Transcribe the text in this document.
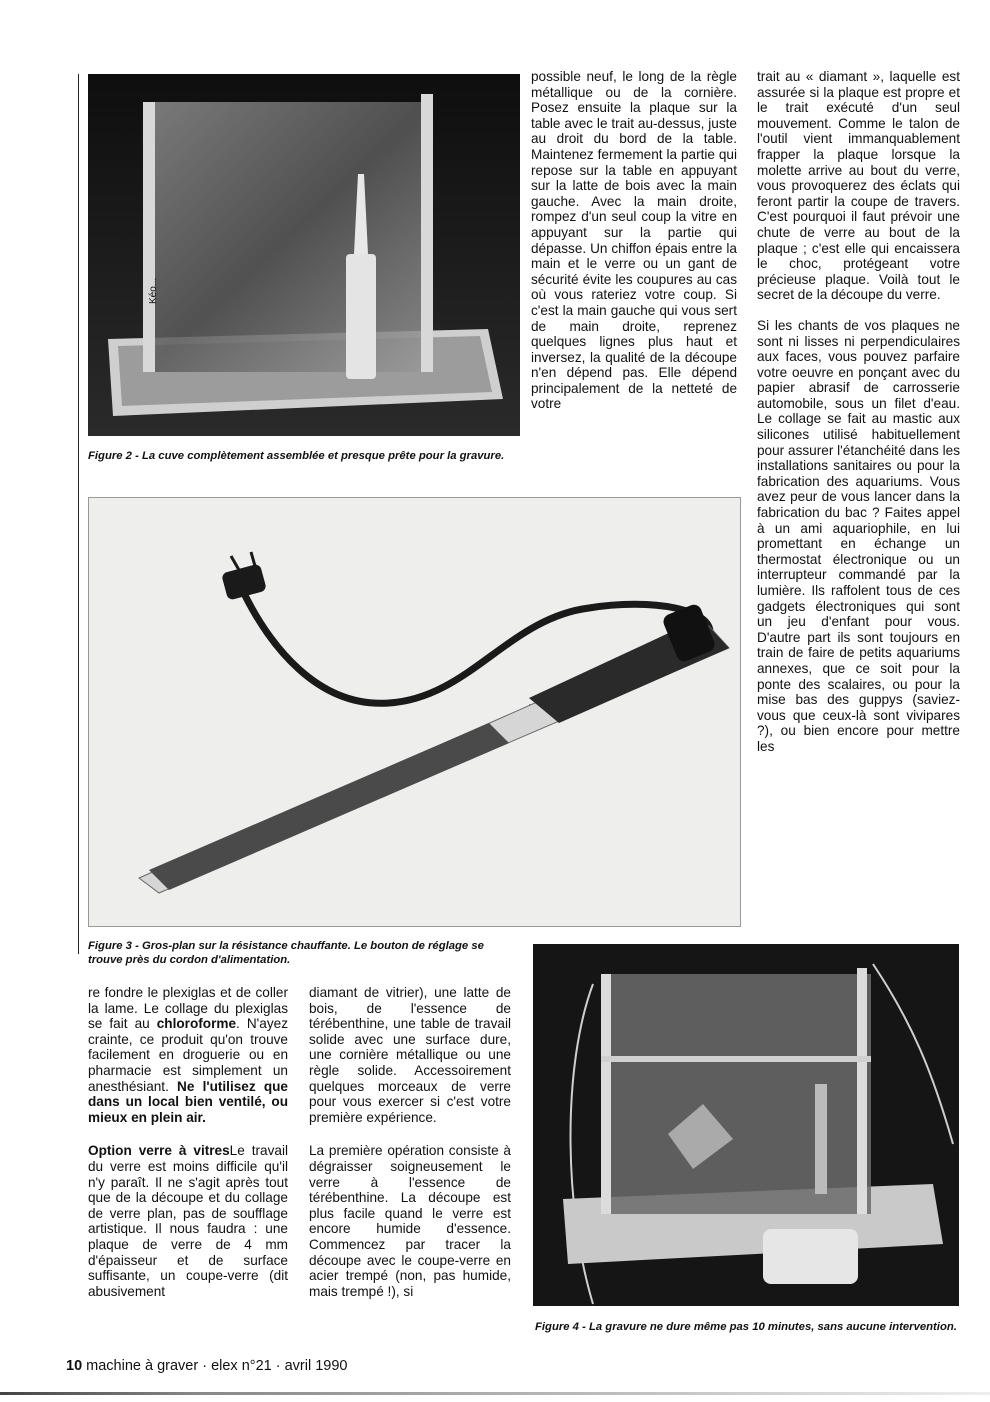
Kéo...
Figure 2 - La cuve complètement assemblée et presque prête pour la gravure.

possible neuf, le long de la règle métallique ou de la cornière. Posez ensuite la plaque sur la table avec le trait au-dessus, juste au droit du bord de la table. Maintenez fermement la partie qui repose sur la table en appuyant sur la latte de bois avec la main gauche. Avec la main droite, rompez d'un seul coup la vitre en appuyant sur la partie qui dépasse. Un chiffon épais entre la main et le verre ou un gant de sécurité évite les coupures au cas où vous rateriez votre coup. Si c'est la main gauche qui vous sert de main droite, reprenez quelques lignes plus haut et inversez, la qualité de la découpe n'en dépend pas. Elle dépend principalement de la netteté de votre

trait au « diamant », laquelle est assurée si la plaque est propre et le trait exécuté d'un seul mouvement. Comme le talon de l'outil vient immanquablement frapper la plaque lorsque la molette arrive au bout du verre, vous provoquerez des éclats qui feront partir la coupe de travers. C'est pourquoi il faut prévoir une chute de verre au bout de la plaque ; c'est elle qui encaissera le choc, protégeant votre précieuse plaque. Voilà tout le secret de la découpe du verre.

Si les chants de vos plaques ne sont ni lisses ni perpendiculaires aux faces, vous pouvez parfaire votre oeuvre en ponçant avec du papier abrasif de carrosserie automobile, sous un filet d'eau. Le collage se fait au mastic aux silicones utilisé habituellement pour assurer l'étanchéité dans les installations sanitaires ou pour la fabrication des aquariums. Vous avez peur de vous lancer dans la fabrication du bac ? Faites appel à un ami aquariophile, en lui promettant en échange un thermostat électronique ou un interrupteur commandé par la lumière. Ils raffolent tous de ces gadgets électroniques qui sont un jeu d'enfant pour vous. D'autre part ils sont toujours en train de faire de petits aquariums annexes, que ce soit pour la ponte des scalaires, ou pour la mise bas des guppys (saviez-vous que ceux-là sont vivipares ?), ou bien encore pour mettre les

Figure 3 - Gros-plan sur la résistance chauffante. Le bouton de réglage se trouve près du cordon d'alimentation.

re fondre le plexiglas et de coller la lame. Le collage du plexiglas se fait au chloroforme. N'ayez crainte, ce produit qu'on trouve facilement en droguerie ou en pharmacie est simplement un anesthésiant. Ne l'utilisez que dans un local bien ventilé, ou mieux en plein air.

Option verre à vitresLe travail du verre est moins difficile qu'il n'y paraît. Il ne s'agit après tout que de la découpe et du collage de verre plan, pas de soufflage artistique. Il nous faudra : une plaque de verre de 4 mm d'épaisseur et de surface suffisante, un coupe-verre (dit abusivement

diamant de vitrier), une latte de bois, de l'essence de térébenthine, une table de travail solide avec une surface dure, une cornière métallique ou une règle solide. Accessoirement quelques morceaux de verre pour vous exercer si c'est votre première expérience.

La première opération consiste à dégraisser soigneusement le verre à l'essence de térébenthine. La découpe est plus facile quand le verre est encore humide d'essence. Commencez par tracer la découpe avec le coupe-verre en acier trempé (non, pas humide, mais trempé !), si

Figure 4 - La gravure ne dure même pas 10 minutes, sans aucune intervention.
10 machine à graver · elex n°21 · avril 1990
